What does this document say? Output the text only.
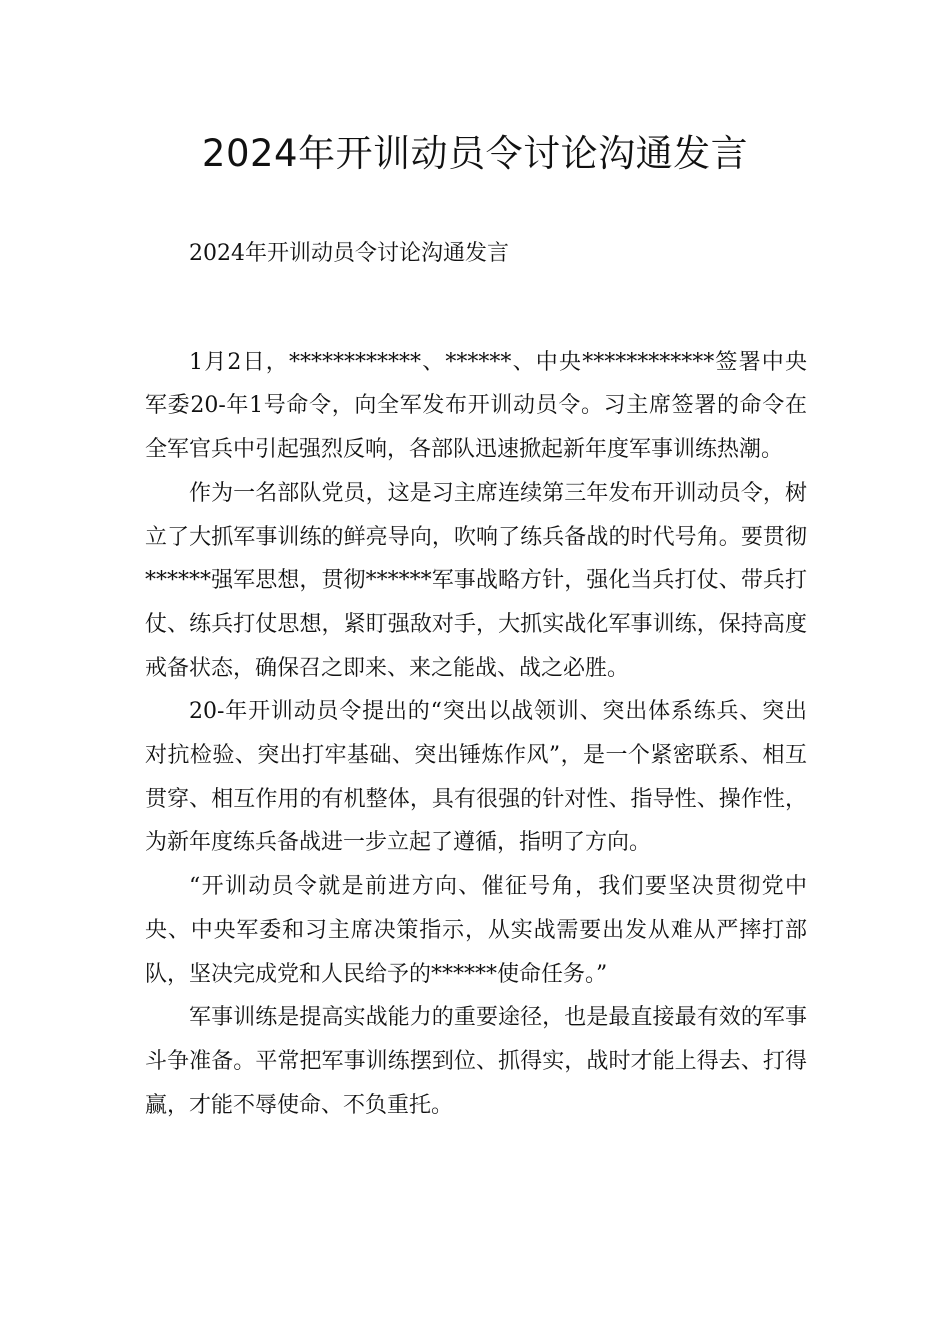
2024年开训动员令讨论沟通发言

2024年开训动员令讨论沟通发言

1月2日，************、******、中央************签署中央军委20-年1号命令，向全军发布开训动员令。习主席签署的命令在全军官兵中引起强烈反响，各部队迅速掀起新年度军事训练热潮。

作为一名部队党员，这是习主席连续第三年发布开训动员令，树立了大抓军事训练的鲜亮导向，吹响了练兵备战的时代号角。要贯彻******强军思想，贯彻******军事战略方针，强化当兵打仗、带兵打仗、练兵打仗思想，紧盯强敌对手，大抓实战化军事训练，保持高度戒备状态，确保召之即来、来之能战、战之必胜。

20-年开训动员令提出的“突出以战领训、突出体系练兵、突出对抗检验、突出打牢基础、突出锤炼作风”，是一个紧密联系、相互贯穿、相互作用的有机整体，具有很强的针对性、指导性、操作性，为新年度练兵备战进一步立起了遵循，指明了方向。

“开训动员令就是前进方向、催征号角，我们要坚决贯彻党中央、中央军委和习主席决策指示，从实战需要出发从难从严摔打部队，坚决完成党和人民给予的******使命任务。”

军事训练是提高实战能力的重要途径，也是最直接最有效的军事斗争准备。平常把军事训练摆到位、抓得实，战时才能上得去、打得赢，才能不辱使命、不负重托。
